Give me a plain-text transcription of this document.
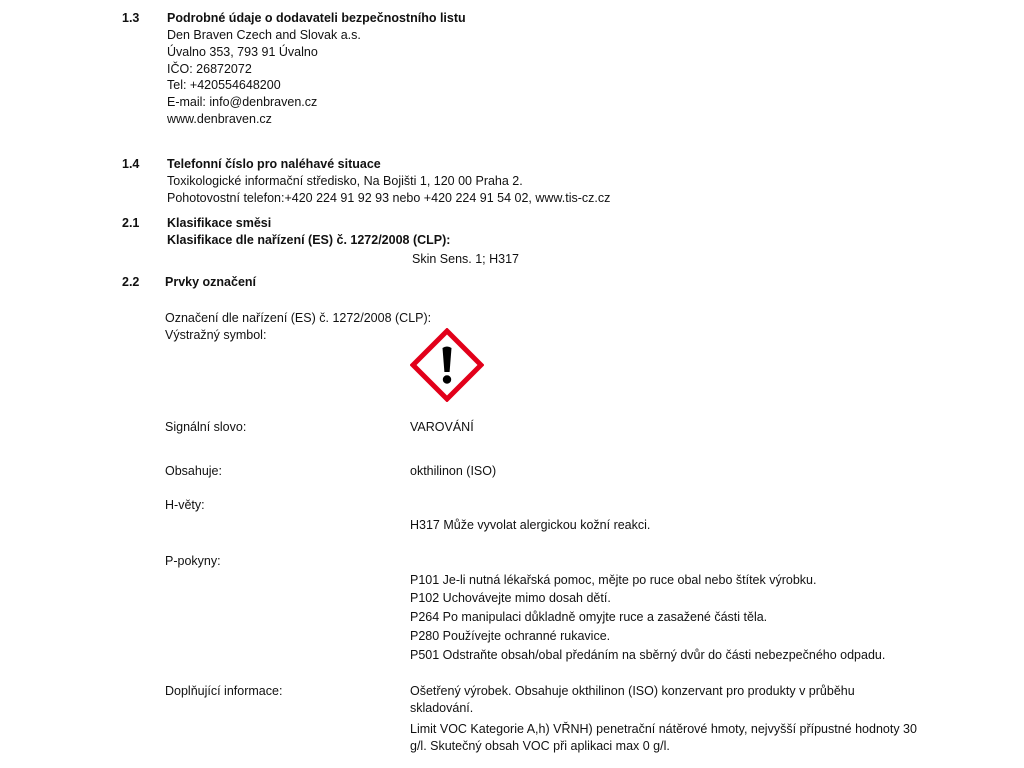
1.3 Podrobné údaje o dodavateli bezpečnostního listu
Den Braven Czech and Slovak a.s.
Úvalno 353, 793 91 Úvalno
IČO: 26872072
Tel: +420554648200
E-mail: info@denbraven.cz
www.denbraven.cz
1.4 Telefonní číslo pro naléhavé situace
Toxikologické informační středisko, Na Bojišti 1, 120 00 Praha 2.
Pohotovostní telefon:+420 224 91 92 93 nebo +420 224 91 54 02, www.tis-cz.cz
2.1 Klasifikace směsi
Klasifikace dle nařízení (ES) č. 1272/2008 (CLP):
Skin Sens. 1; H317
2.2 Prvky označení
Označení dle nařízení (ES) č. 1272/2008 (CLP):
Výstražný symbol:
Signální slovo:	VAROVÁNÍ
Obsahuje:	okthilinon (ISO)
H-věty:
H317 Může vyvolat alergickou kožní reakci.
P-pokyny:
P101 Je-li nutná lékařská pomoc, mějte po ruce obal nebo štítek výrobku.
P102 Uchovávejte mimo dosah dětí.
P264 Po manipulaci důkladně omyjte ruce a zasažené části těla.
P280 Používejte ochranné rukavice.
P501 Odstraňte obsah/obal předáním na sběrný dvůr do části nebezpečného odpadu.
Doplňující informace:	Ošetřený výrobek. Obsahuje okthilinon (ISO) konzervant pro produkty v průběhu
skladování.
Limit VOC Kategorie A,h) VŘNH) penetrační nátěrové hmoty, nejvyšší přípustné hodnoty 30
g/l. Skutečný obsah VOC při aplikaci max 0 g/l.
